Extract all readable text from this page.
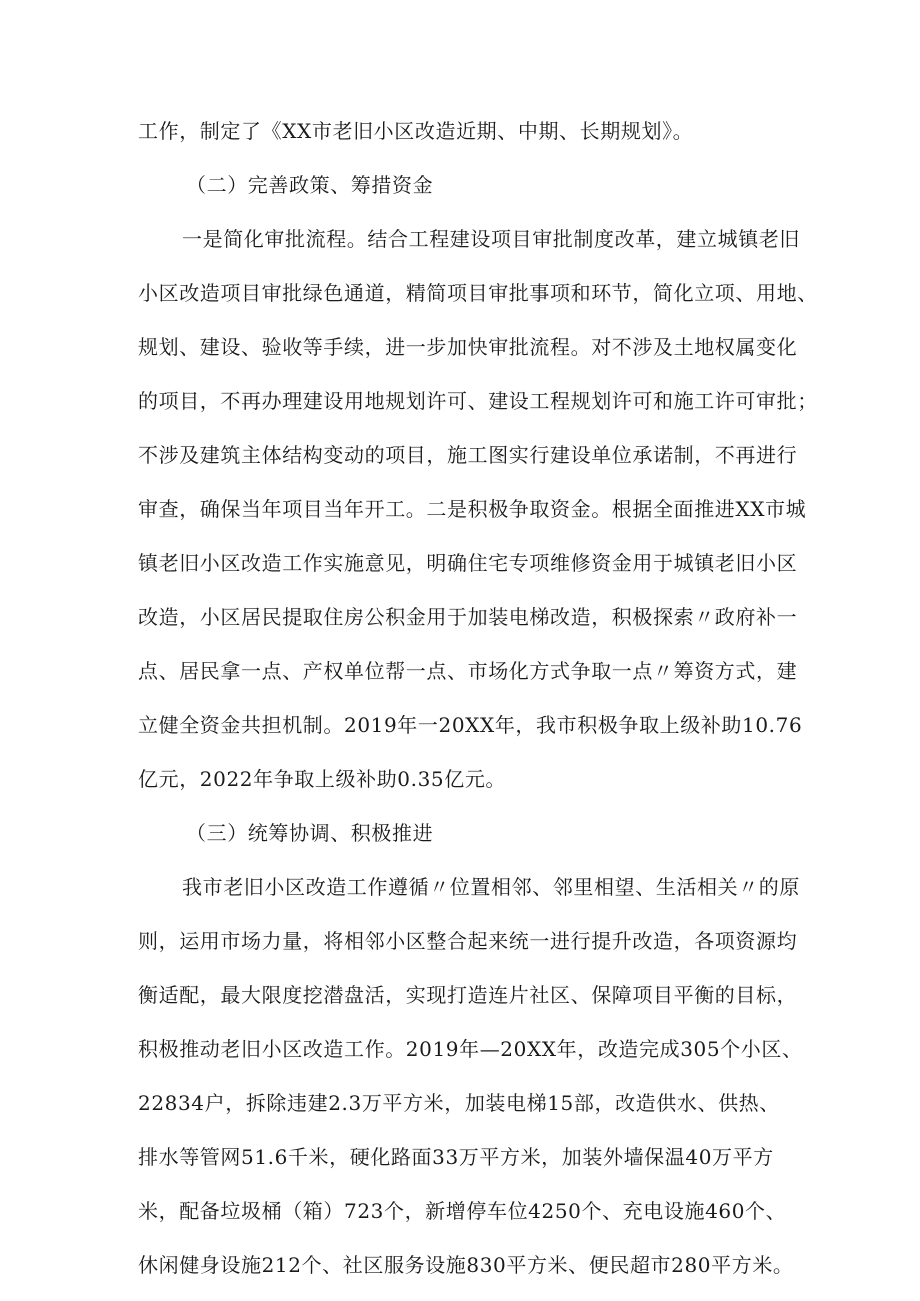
工作，制定了《XX市老旧小区改造近期、中期、长期规划》。
（二）完善政策、筹措资金
一是简化审批流程。结合工程建设项目审批制度改革，建立城镇老旧
小区改造项目审批绿色通道，精简项目审批事项和环节，简化立项、用地、
规划、建设、验收等手续，进一步加快审批流程。对不涉及土地权属变化
的项目，不再办理建设用地规划许可、建设工程规划许可和施工许可审批；
不涉及建筑主体结构变动的项目，施工图实行建设单位承诺制，不再进行
审查，确保当年项目当年开工。二是积极争取资金。根据全面推进XX市城
镇老旧小区改造工作实施意见，明确住宅专项维修资金用于城镇老旧小区
改造，小区居民提取住房公积金用于加装电梯改造，积极探索〃政府补一
点、居民拿一点、产权单位帮一点、市场化方式争取一点〃筹资方式，建
立健全资金共担机制。2019年一20XX年，我市积极争取上级补助10.76
亿元，2022年争取上级补助0.35亿元。
（三）统筹协调、积极推进
我市老旧小区改造工作遵循〃位置相邻、邻里相望、生活相关〃的原
则，运用市场力量，将相邻小区整合起来统一进行提升改造，各项资源均
衡适配，最大限度挖潜盘活，实现打造连片社区、保障项目平衡的目标，
积极推动老旧小区改造工作。2019年—20XX年，改造完成305个小区、
22834户，拆除违建2.3万平方米，加装电梯15部，改造供水、供热、
排水等管网51.6千米，硬化路面33万平方米，加装外墙保温40万平方
米，配备垃圾桶（箱）723个，新增停车位4250个、充电设施460个、
休闲健身设施212个、社区服务设施830平方米、便民超市280平方米。
